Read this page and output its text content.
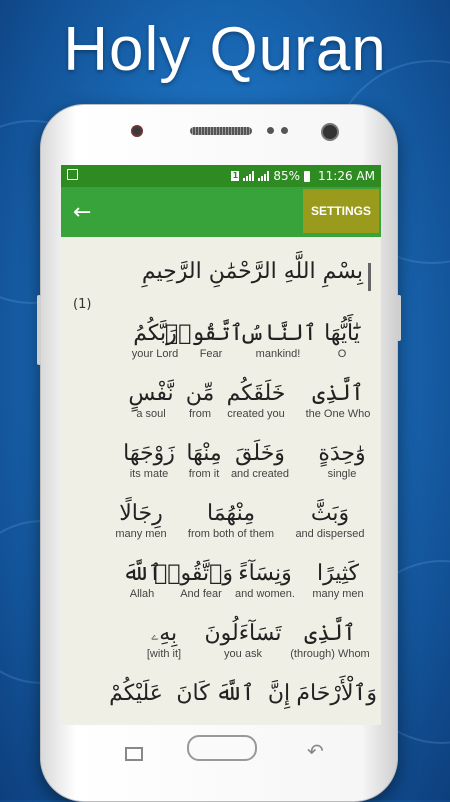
Holy Quran
1	85% 11:26 AM
←	SETTINGS
بِسْمِ اللَّهِ الرَّحْمَٰنِ الرَّحِيمِ
(1)
يَٰٓأَيُّهَا
O
ٱلنَّاسُ
mankind!
ٱتَّقُوا۟
Fear
رَبَّكُمُ
your Lord
ٱلَّذِى
the One Who
خَلَقَكُم
created you
مِّن
from
نَّفْسٍ
a soul
وَٰحِدَةٍ
single
وَخَلَقَ
and created
مِنْهَا
from it
زَوْجَهَا
its mate
وَبَثَّ
and dispersed
مِنْهُمَا
from both of them
رِجَالًا
many men
كَثِيرًا
many men
وَنِسَآءً
and women.
وَٱتَّقُوا۟
And fear
ٱللَّهَ
Allah
ٱلَّذِى
(through) Whom
تَسَآءَلُونَ
you ask
بِهِۦ
[with it]
وَٱلْأَرْحَامَ
إِنَّ
ٱللَّهَ
كَانَ
عَلَيْكُمْ
↶
